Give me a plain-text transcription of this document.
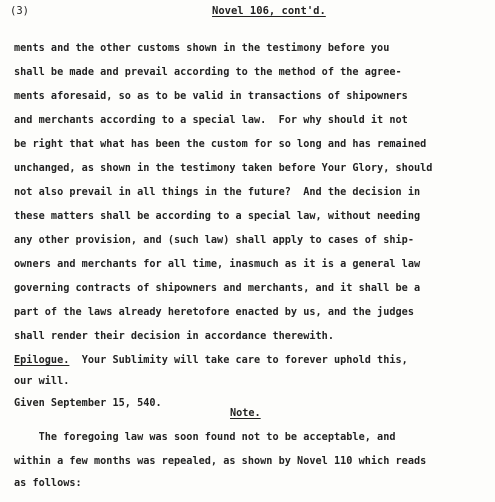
(3)	Novel 106, cont'd.
ments and the other customs shown in the testimony before you
shall be made and prevail according to the method of the agree-
ments aforesaid, so as to be valid in transactions of shipowners
and merchants according to a special law.  For why should it not
be right that what has been the custom for so long and has remained
unchanged, as shown in the testimony taken before Your Glory, should
not also prevail in all things in the future?  And the decision in
these matters shall be according to a special law, without needing
any other provision, and (such law) shall apply to cases of ship-
owners and merchants for all time, inasmuch as it is a general law
governing contracts of shipowners and merchants, and it shall be a
part of the laws already heretofore enacted by us, and the judges
shall render their decision in accordance therewith.
Epilogue.  Your Sublimity will take care to forever uphold this,
our will.
Given September 15, 540.
Note.
The foregoing law was soon found not to be acceptable, and
within a few months was repealed, as shown by Novel 110 which reads
as follows:
